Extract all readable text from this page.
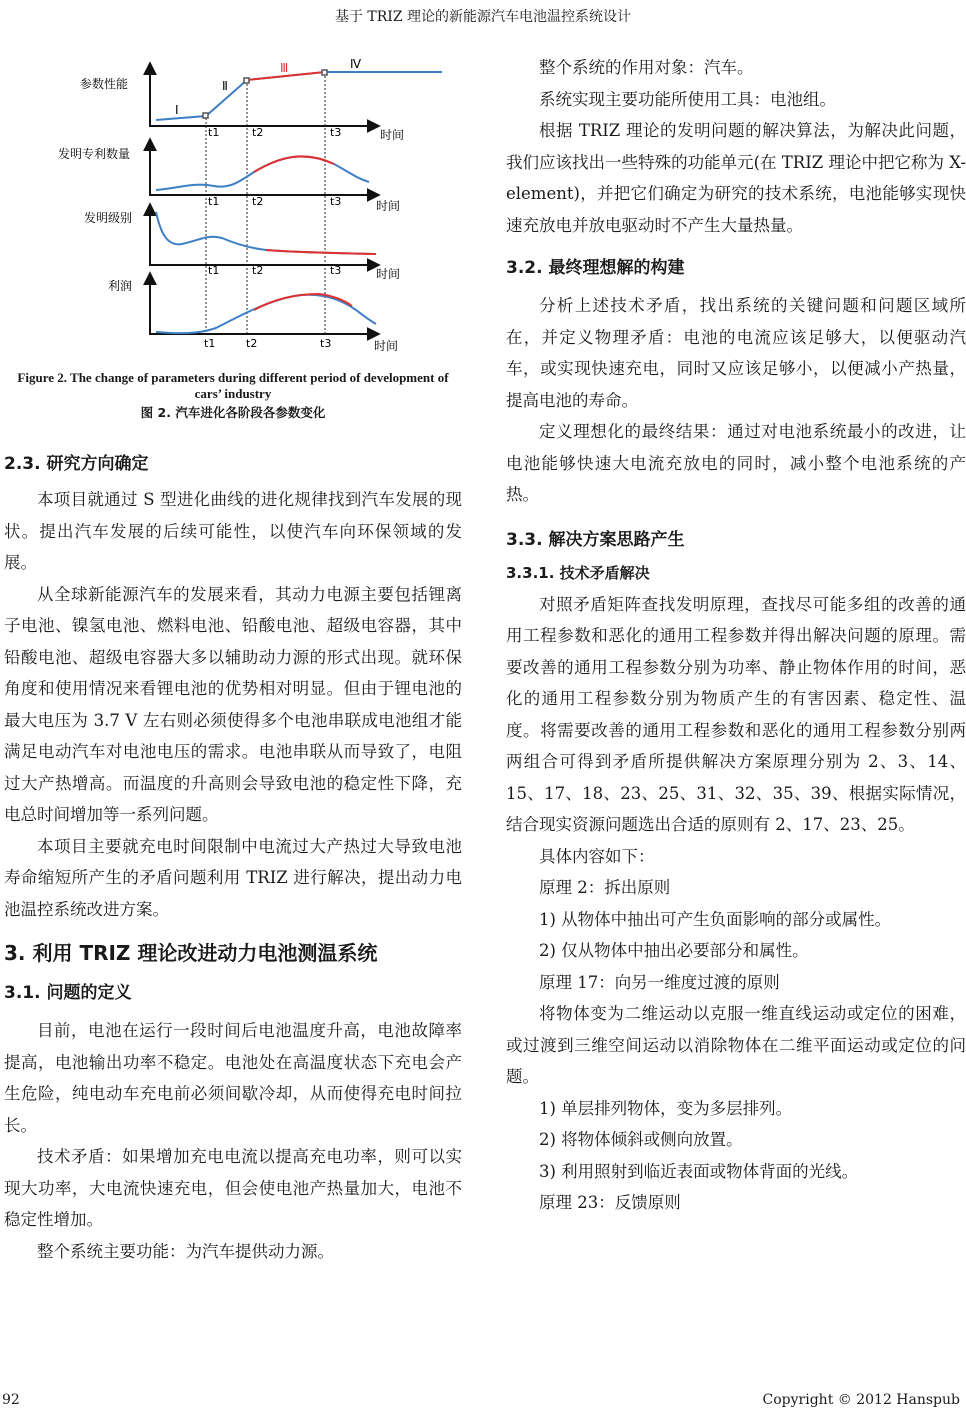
基于 TRIZ 理论的新能源汽车电池温控系统设计
参数性能
发明专利数量
发明级别
利润
Ⅰ
Ⅱ
Ⅲ	Ⅳ
t1	t2	t3	时间
t1	t2	t3	时间
t1	t2	t3	时间
t1	t2	t3	时间
Figure 2. The change of parameters during different period of development of cars’ industry
图 2. 汽车进化各阶段各参数变化
2.3. 研究方向确定

本项目就通过 S 型进化曲线的进化规律找到汽车发展的现状。提出汽车发展的后续可能性，以使汽车向环保领域的发展。

从全球新能源汽车的发展来看，其动力电源主要包括锂离子电池、镍氢电池、燃料电池、铅酸电池、超级电容器，其中铅酸电池、超级电容器大多以辅助动力源的形式出现。就环保角度和使用情况来看锂电池的优势相对明显。但由于锂电池的最大电压为 3.7 V 左右则必须使得多个电池串联成电池组才能满足电动汽车对电池电压的需求。电池串联从而导致了，电阻过大产热增高。而温度的升高则会导致电池的稳定性下降，充电总时间增加等一系列问题。

本项目主要就充电时间限制中电流过大产热过大导致电池寿命缩短所产生的矛盾问题利用 TRIZ 进行解决，提出动力电池温控系统改进方案。

3. 利用 TRIZ 理论改进动力电池测温系统
3.1. 问题的定义

目前，电池在运行一段时间后电池温度升高，电池故障率提高，电池输出功率不稳定。电池处在高温度状态下充电会产生危险，纯电动车充电前必须间歇冷却，从而使得充电时间拉长。

技术矛盾：如果增加充电电流以提高充电功率，则可以实现大功率，大电流快速充电，但会使电池产热量加大，电池不稳定性增加。

整个系统主要功能：为汽车提供动力源。

整个系统的作用对象：汽车。

系统实现主要功能所使用工具：电池组。

根据 TRIZ 理论的发明问题的解决算法，为解决此问题，我们应该找出一些特殊的功能单元(在 TRIZ 理论中把它称为 X-element)，并把它们确定为研究的技术系统，电池能够实现快速充放电并放电驱动时不产生大量热量。

3.2. 最终理想解的构建

分析上述技术矛盾，找出系统的关键问题和问题区域所在，并定义物理矛盾：电池的电流应该足够大，以便驱动汽车，或实现快速充电，同时又应该足够小，以便减小产热量，提高电池的寿命。

定义理想化的最终结果：通过对电池系统最小的改进，让电池能够快速大电流充放电的同时，减小整个电池系统的产热。

3.3. 解决方案思路产生
3.3.1. 技术矛盾解决

对照矛盾矩阵查找发明原理，查找尽可能多组的改善的通用工程参数和恶化的通用工程参数并得出解决问题的原理。需要改善的通用工程参数分别为功率、静止物体作用的时间，恶化的通用工程参数分别为物质产生的有害因素、稳定性、温度。将需要改善的通用工程参数和恶化的通用工程参数分别两两组合可得到矛盾所提供解决方案原理分别为 2、3、14、15、17、18、23、25、31、32、35、39、根据实际情况，结合现实资源问题选出合适的原则有 2、17、23、25。

具体内容如下：

原理 2：拆出原则

1) 从物体中抽出可产生负面影响的部分或属性。

2) 仅从物体中抽出必要部分和属性。

原理 17：向另一维度过渡的原则

将物体变为二维运动以克服一维直线运动或定位的困难，或过渡到三维空间运动以消除物体在二维平面运动或定位的问题。

1) 单层排列物体，变为多层排列。

2) 将物体倾斜或侧向放置。

3) 利用照射到临近表面或物体背面的光线。

原理 23：反馈原则

92	Copyright © 2012 Hanspub
